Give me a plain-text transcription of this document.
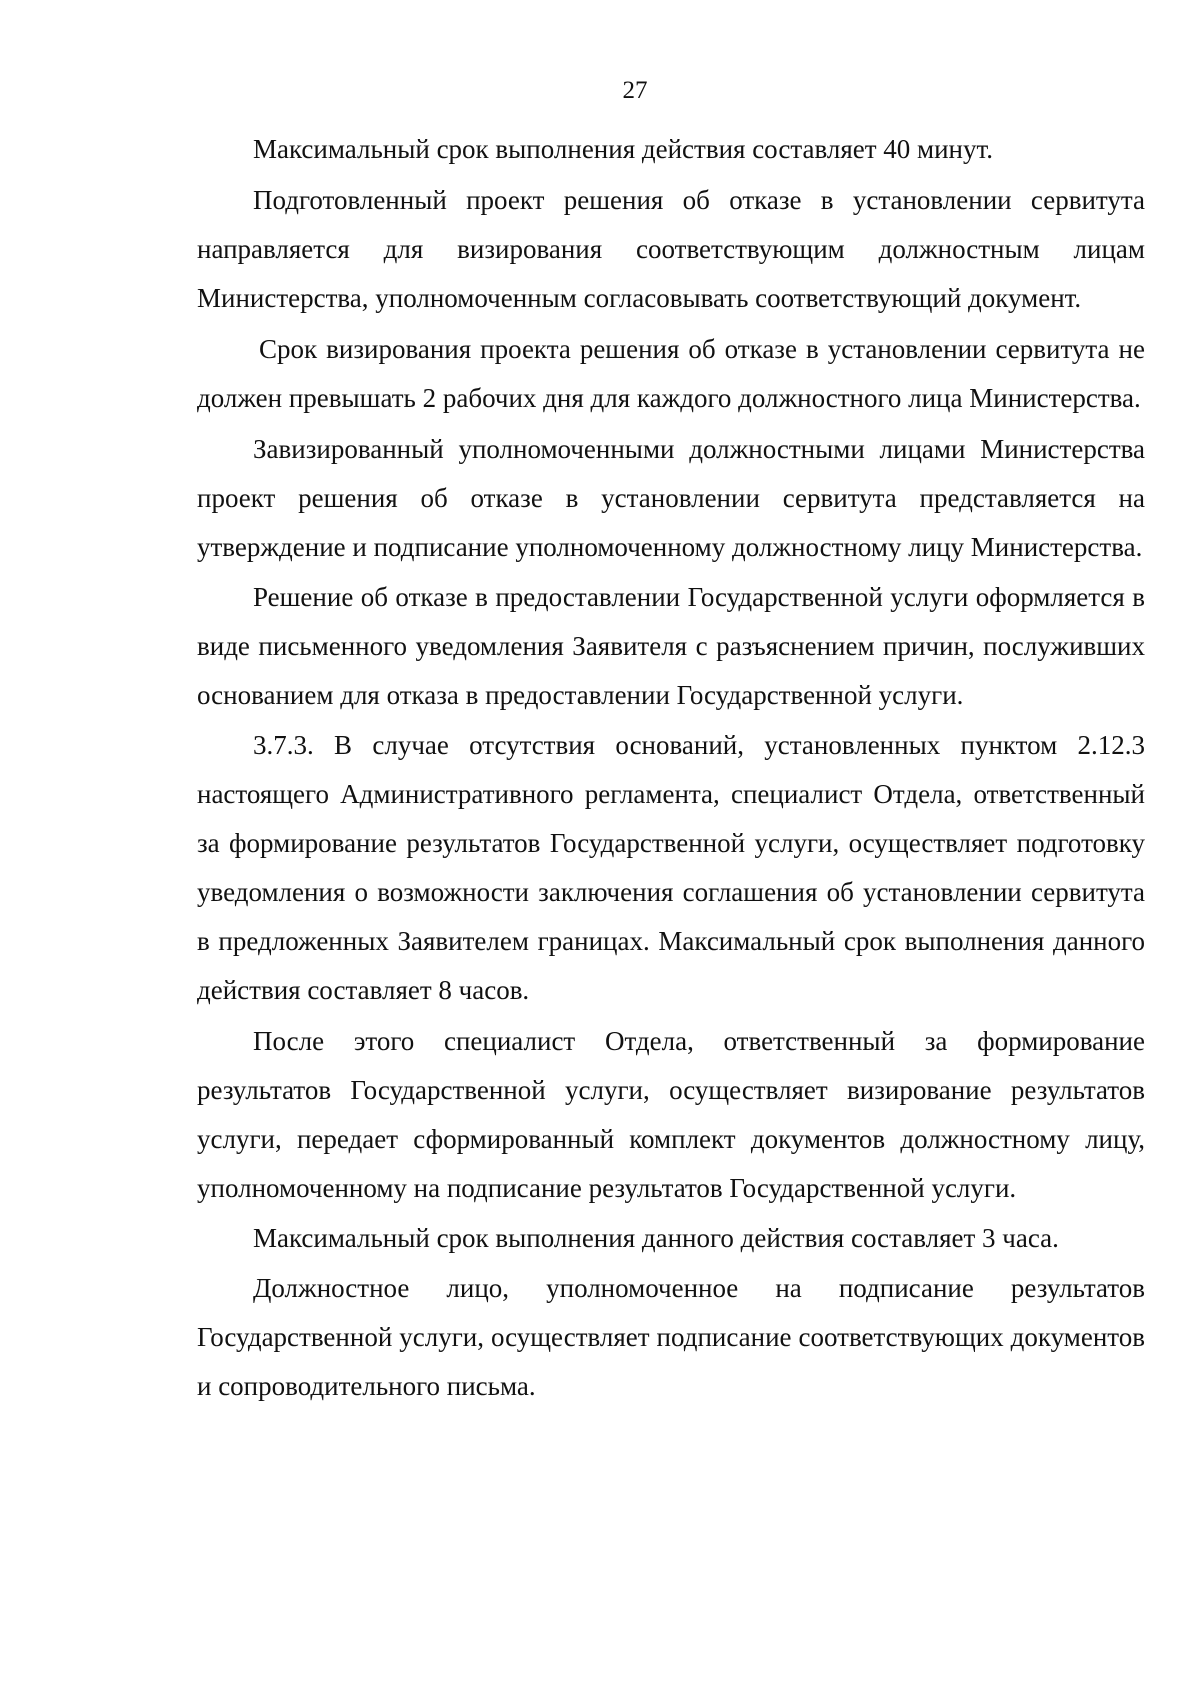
27

Максимальный срок выполнения действия составляет 40 минут.

Подготовленный проект решения об отказе в установлении сервитута направляется для визирования соответствующим должностным лицам Министерства, уполномоченным согласовывать соответствующий документ.

Срок визирования проекта решения об отказе в установлении сервитута не должен превышать 2 рабочих дня для каждого должностного лица Министерства.

Завизированный уполномоченными должностными лицами Министерства проект решения об отказе в установлении сервитута представляется на утверждение и подписание уполномоченному должностному лицу Министерства.

Решение об отказе в предоставлении Государственной услуги оформляется в виде письменного уведомления Заявителя с разъяснением причин, послуживших основанием для отказа в предоставлении Государственной услуги.

3.7.3. В случае отсутствия оснований, установленных пунктом 2.12.3 настоящего Административного регламента, специалист Отдела, ответственный за формирование результатов Государственной услуги, осуществляет подготовку уведомления о возможности заключения соглашения об установлении сервитута в предложенных Заявителем границах. Максимальный срок выполнения данного действия составляет 8 часов.

После этого специалист Отдела, ответственный за формирование результатов Государственной услуги, осуществляет визирование результатов услуги, передает сформированный комплект документов должностному лицу, уполномоченному на подписание результатов Государственной услуги.

Максимальный срок выполнения данного действия составляет 3 часа.

Должностное лицо, уполномоченное на подписание результатов Государственной услуги, осуществляет подписание соответствующих документов и сопроводительного письма.
